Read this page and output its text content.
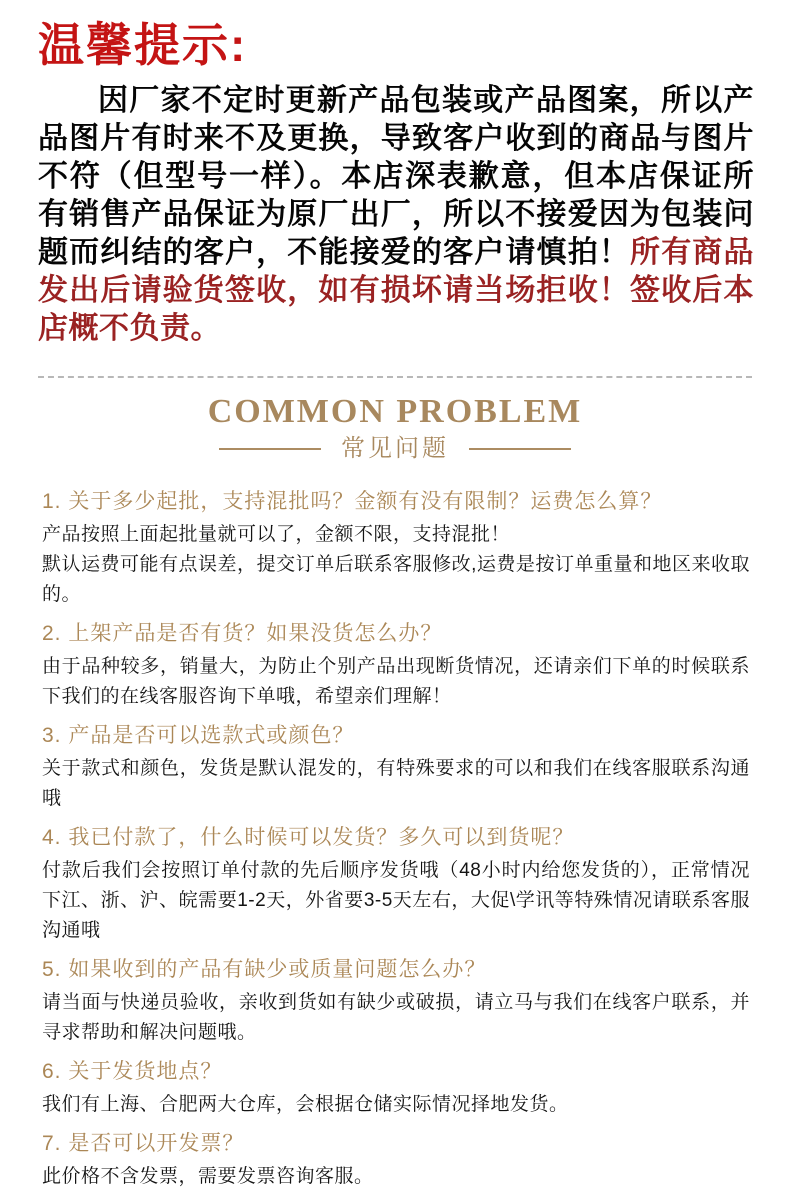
温馨提示:
因厂家不定时更新产品包装或产品图案，所以产品图片有时来不及更换，导致客户收到的商品与图片不符（但型号一样）。本店深表歉意，但本店保证所有销售产品保证为原厂出厂，所以不接爱因为包装问题而纠结的客户，不能接爱的客户请慎拍！所有商品发出后请验货签收，如有损坏请当场拒收！签收后本店概不负责。
COMMON PROBLEM
常见问题

1. 关于多少起批，支持混批吗？金额有没有限制？运费怎么算？

产品按照上面起批量就可以了，金额不限，支持混批！

默认运费可能有点误差，提交订单后联系客服修改,运费是按订单重量和地区来收取的。

2. 上架产品是否有货？如果没货怎么办？

由于品种较多，销量大，为防止个别产品出现断货情况，还请亲们下单的时候联系下我们的在线客服咨询下单哦，希望亲们理解！

3. 产品是否可以选款式或颜色？

关于款式和颜色，发货是默认混发的，有特殊要求的可以和我们在线客服联系沟通哦

4. 我已付款了，什么时候可以发货？多久可以到货呢？

付款后我们会按照订单付款的先后顺序发货哦（48小时内给您发货的），正常情况下江、浙、沪、皖需要1-2天，外省要3-5天左右，大促\学讯等特殊情况请联系客服沟通哦

5. 如果收到的产品有缺少或质量问题怎么办？

请当面与快递员验收，亲收到货如有缺少或破损，请立马与我们在线客户联系，并寻求帮助和解决问题哦。

6. 关于发货地点？

我们有上海、合肥两大仓库，会根据仓储实际情况择地发货。

7. 是否可以开发票？

此价格不含发票，需要发票咨询客服。
